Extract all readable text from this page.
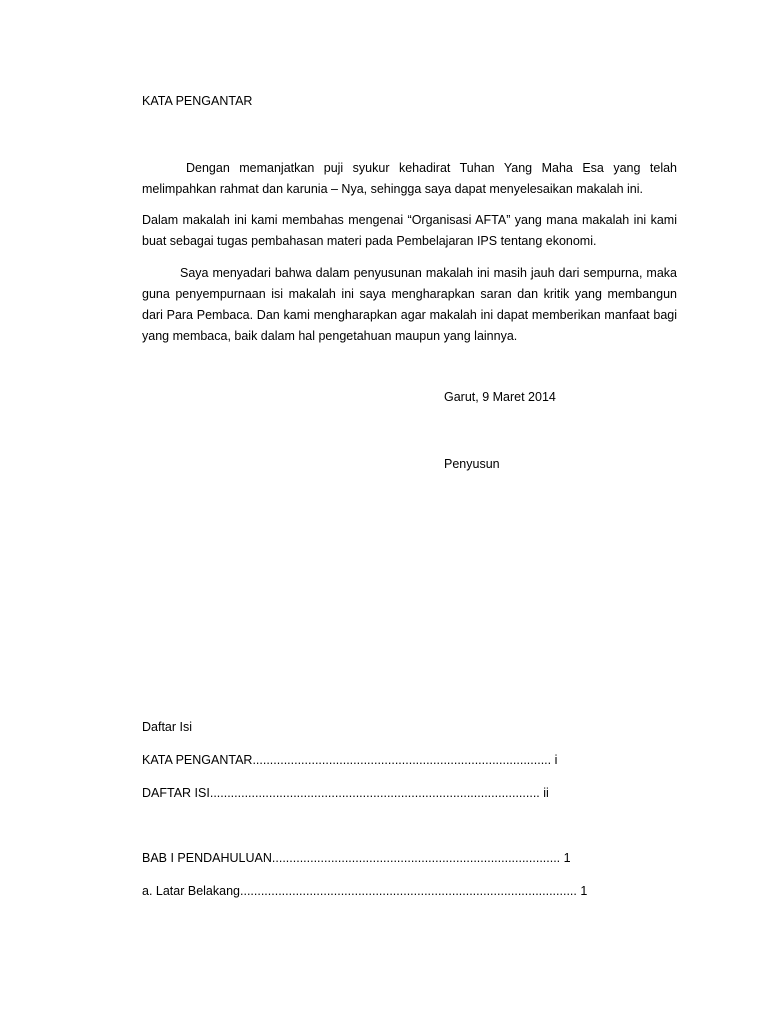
KATA PENGANTAR
Dengan memanjatkan puji syukur kehadirat Tuhan Yang Maha Esa yang telah melimpahkan rahmat dan karunia – Nya, sehingga saya dapat menyelesaikan makalah ini.
Dalam makalah ini kami membahas mengenai “Organisasi AFTA” yang mana makalah ini kami buat sebagai tugas pembahasan materi pada Pembelajaran IPS tentang ekonomi.
Saya menyadari bahwa dalam penyusunan makalah ini masih jauh dari sempurna, maka guna penyempurnaan isi makalah ini saya mengharapkan saran dan kritik yang membangun dari Para Pembaca. Dan kami mengharapkan agar makalah ini dapat memberikan manfaat bagi yang membaca, baik dalam hal pengetahuan maupun yang lainnya.
Garut, 9 Maret 2014
Penyusun
Daftar Isi
KATA PENGANTAR...................................................................................... i
DAFTAR ISI............................................................................................... ii
BAB I PENDAHULUAN................................................................................... 1
a. Latar Belakang................................................................................................. 1
